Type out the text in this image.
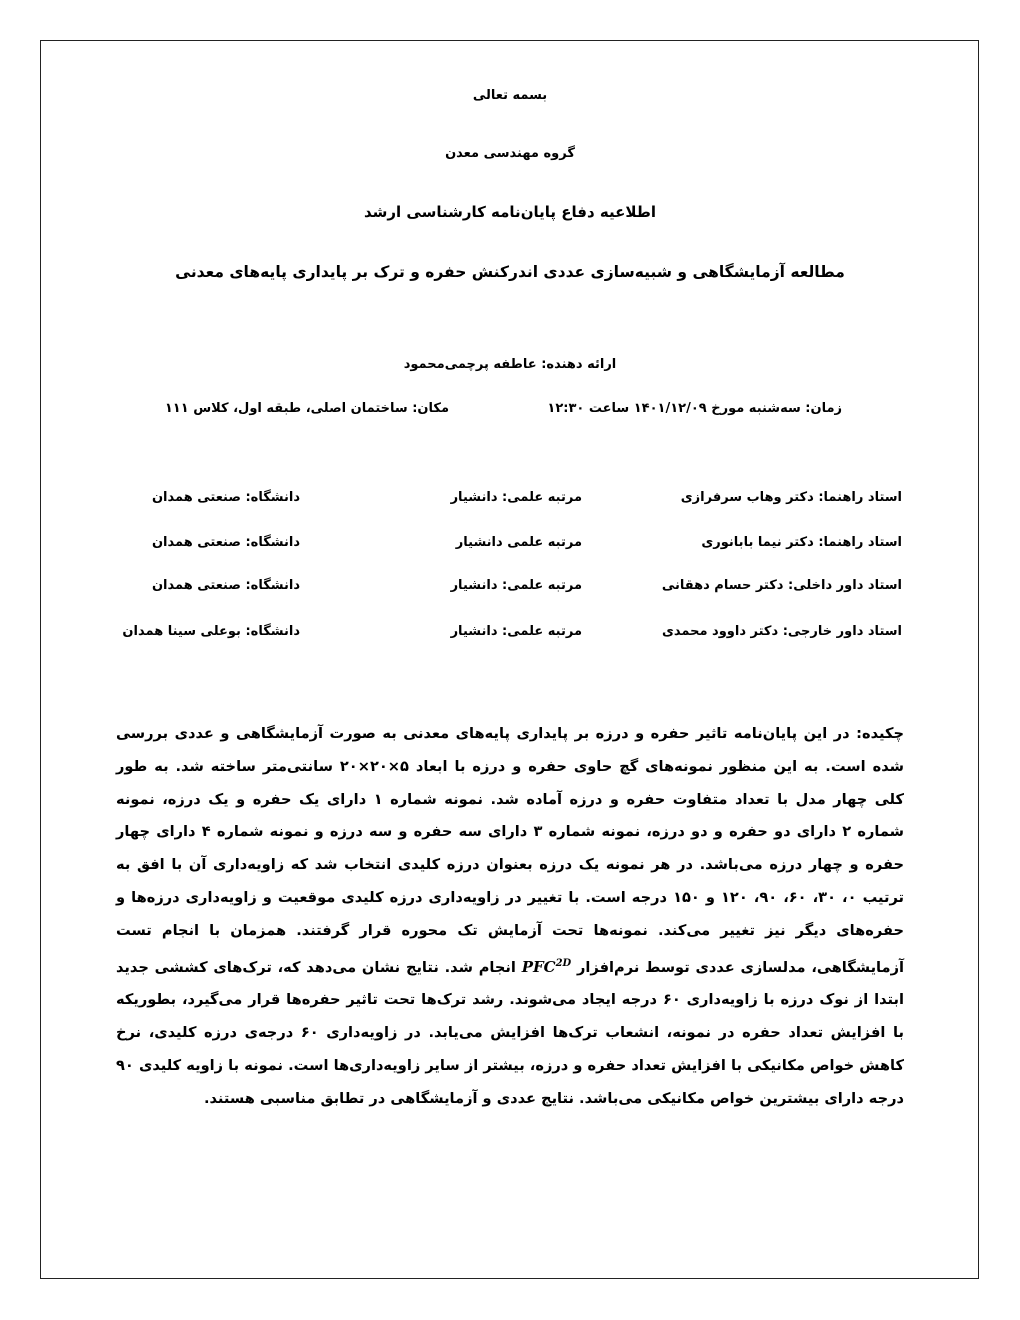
بسمه تعالی
گروه مهندسی معدن
اطلاعیه دفاع پایان‌نامه کارشناسی ارشد
مطالعه آزمایشگاهی و شبیه‌سازی عددی اندرکنش حفره و ترک بر پایداری پایه‌های معدنی
ارائه دهنده: عاطفه پرچمی‌محمود
زمان: سه‌شنبه مورخ ۱۴۰۱/۱۲/۰۹ ساعت ۱۲:۳۰
مکان: ساختمان اصلی، طبقه اول، کلاس ۱۱۱
استاد راهنما: دکتر وهاب سرفرازی
مرتبه علمی: دانشیار
دانشگاه: صنعتی همدان
استاد راهنما: دکتر نیما بابانوری
مرتبه علمی دانشیار
دانشگاه: صنعتی همدان
استاد داور داخلی: دکتر حسام دهقانی
مرتبه علمی: دانشیار
دانشگاه: صنعتی همدان
استاد داور خارجی: دکتر داوود محمدی
مرتبه علمی: دانشیار
دانشگاه: بوعلی سینا همدان
چکیده: در این پایان‌نامه تاثیر حفره و درزه بر پایداری پایه‌های معدنی به صورت آزمایشگاهی و عددی بررسی شده است. به این منظور نمونه‌های گچ حاوی حفره و درزه با ابعاد ۵×۲۰×۲۰ سانتی‌متر ساخته شد. به طور کلی چهار مدل با تعداد متفاوت حفره و درزه آماده شد. نمونه شماره ۱ دارای یک حفره و یک درزه، نمونه شماره ۲ دارای دو حفره و دو درزه، نمونه شماره ۳ دارای سه حفره و سه درزه و نمونه شماره ۴ دارای چهار حفره و چهار درزه می‌باشد. در هر نمونه یک درزه بعنوان درزه کلیدی انتخاب شد که زاویه‌داری آن با افق به ترتیب ۰، ۳۰، ۶۰، ۹۰، ۱۲۰ و ۱۵۰ درجه است. با تغییر در زاویه‌داری درزه کلیدی موقعیت و زاویه‌داری درزه‌ها و حفره‌های دیگر نیز تغییر می‌کند. نمونه‌ها تحت آزمایش تک محوره قرار گرفتند. همزمان با انجام تست آزمایشگاهی، مدلسازی عددی توسط نرم‌افزار $PFC^{2D}$ انجام شد. نتایج نشان می‌دهد که، ترک‌های کششی جدید ابتدا از نوک درزه با زاویه‌داری ۶۰ درجه ایجاد می‌شوند. رشد ترک‌ها تحت تاثیر حفره‌ها قرار می‌گیرد، بطوریکه با افزایش تعداد حفره در نمونه، انشعاب ترک‌ها افزایش می‌یابد. در زاویه‌داری ۶۰ درجه‌ی درزه کلیدی، نرخ کاهش خواص مکانیکی با افزایش تعداد حفره و درزه، بیشتر از سایر زاویه‌داری‌ها است. نمونه با زاویه کلیدی ۹۰ درجه دارای بیشترین خواص مکانیکی می‌باشد. نتایج عددی و آزمایشگاهی در تطابق مناسبی هستند.
